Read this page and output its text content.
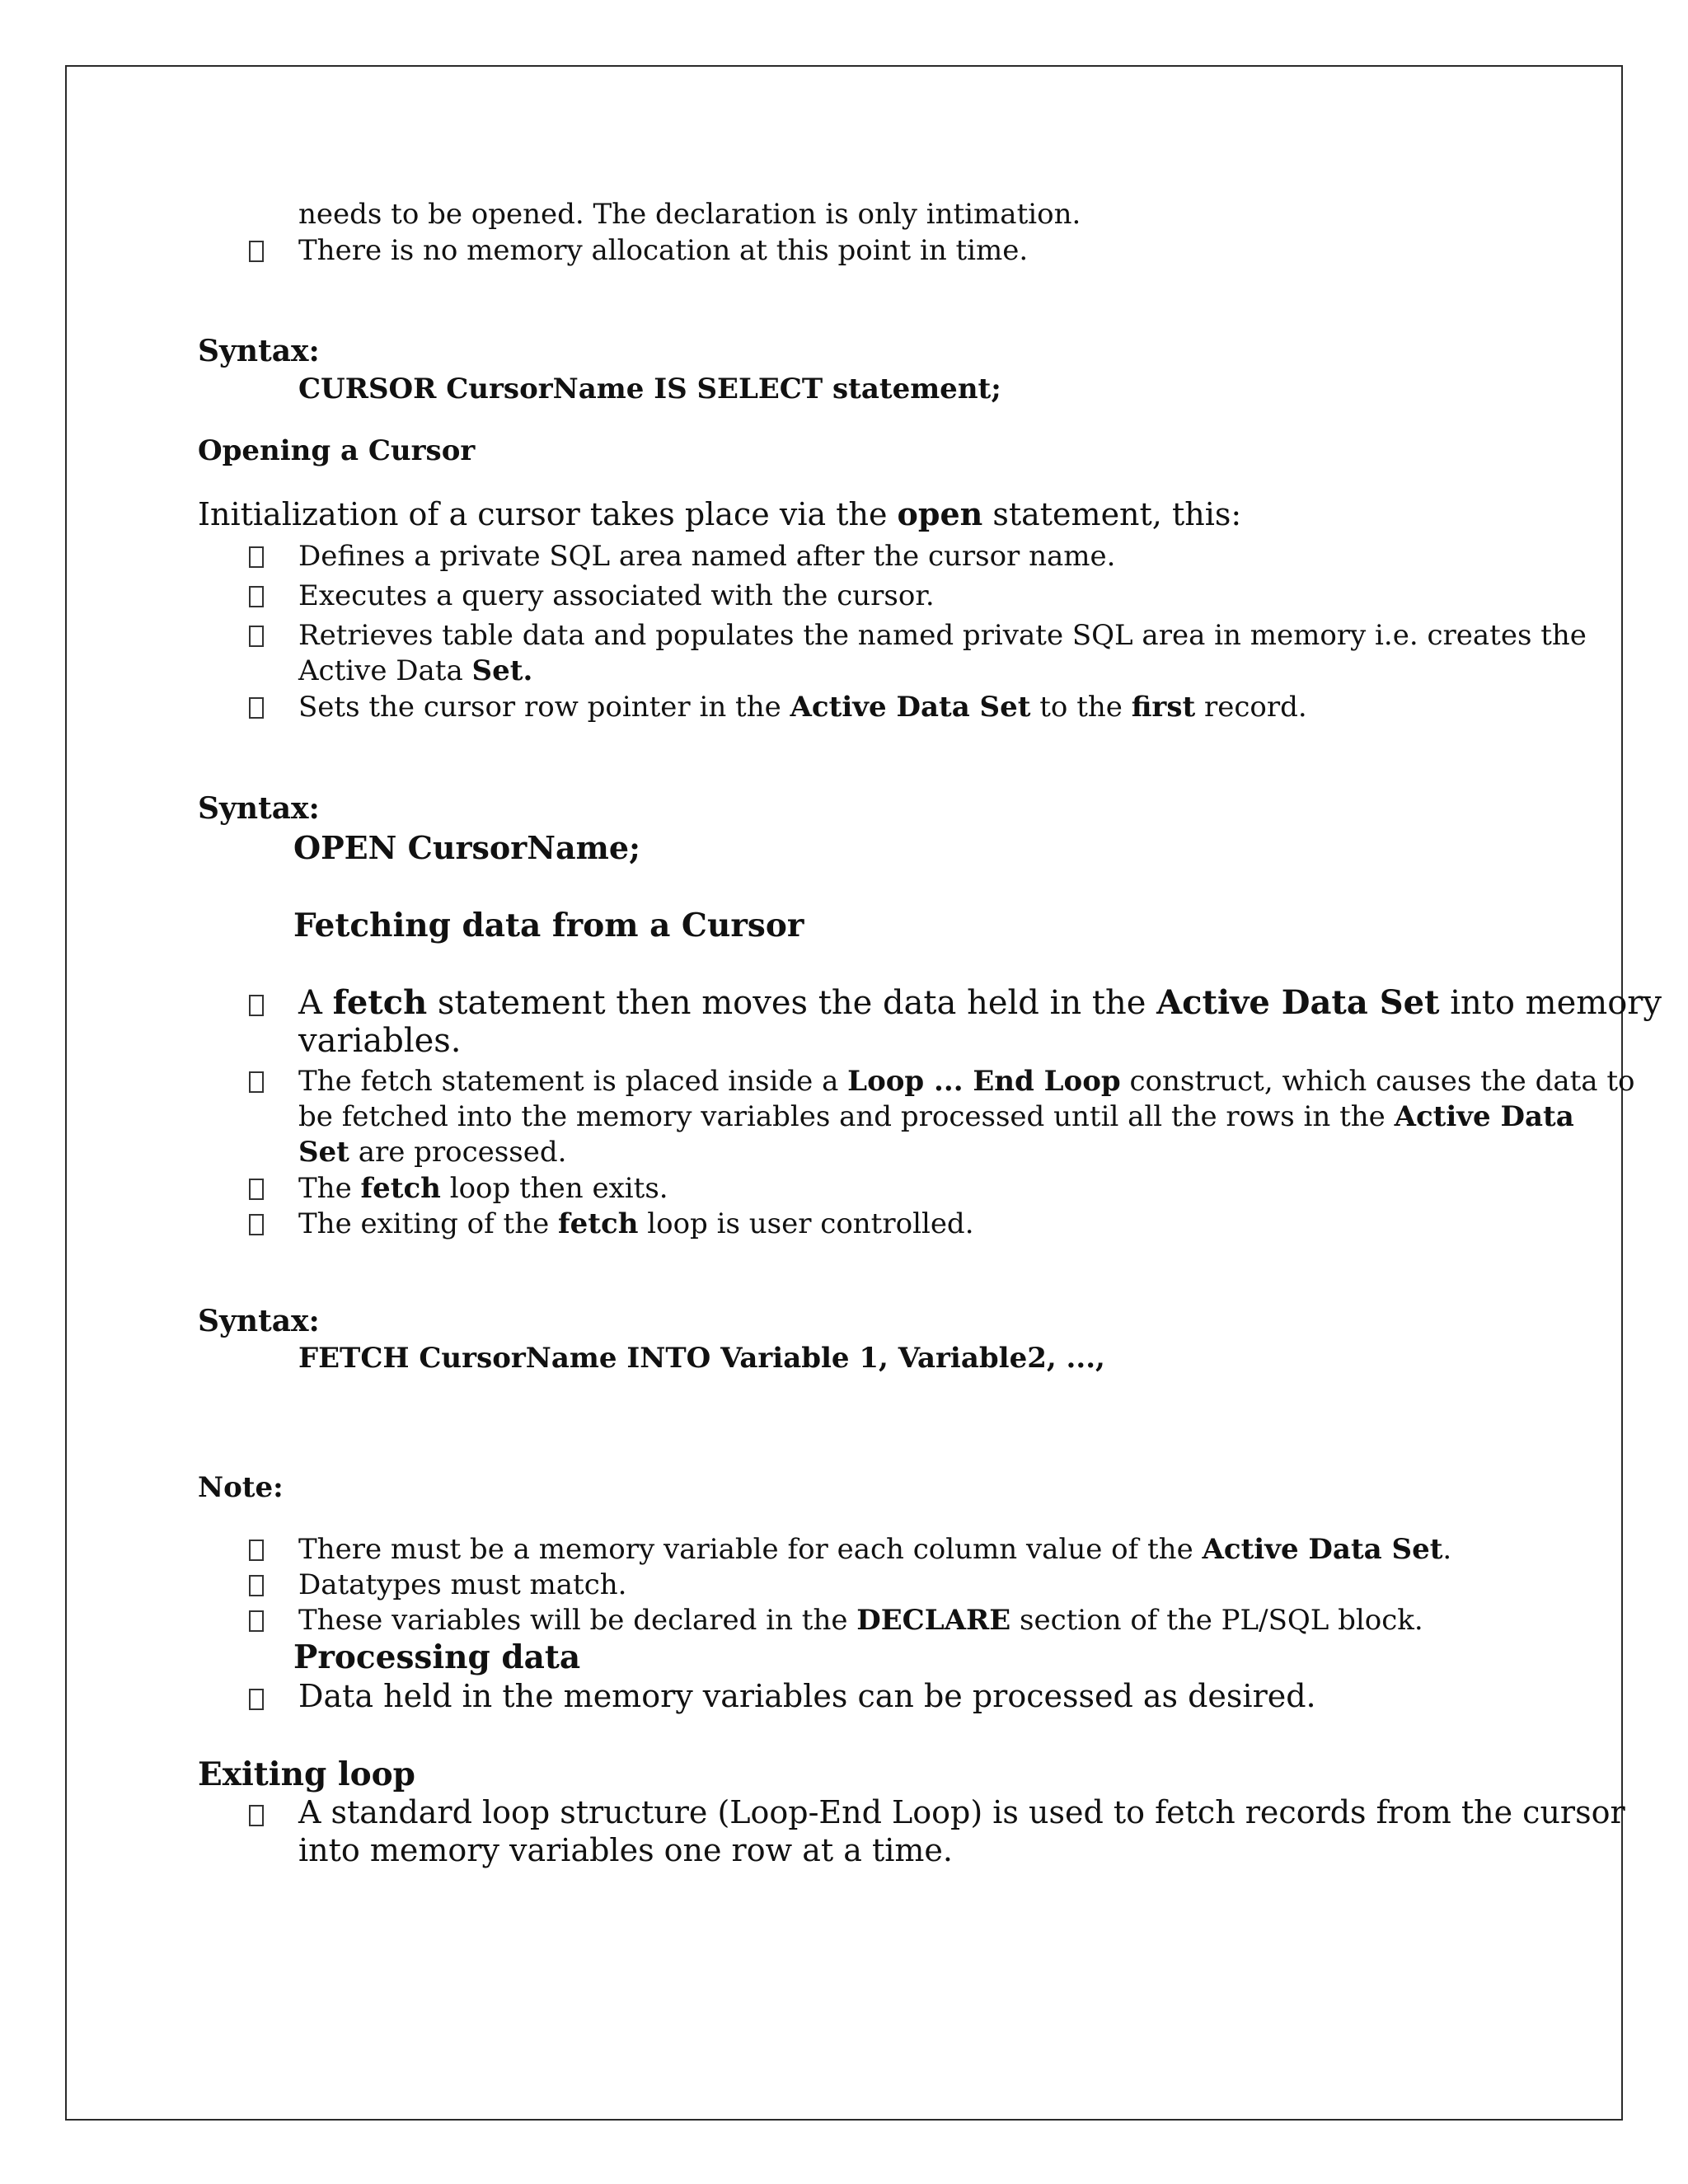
needs to be opened. The declaration is only intimation.
There is no memory allocation at this point in time.
Syntax:
CURSOR CursorName IS SELECT statement;
Opening a Cursor
Initialization of a cursor takes place via the open statement, this:
Defines a private SQL area named after the cursor name.
Executes a query associated with the cursor.
Retrieves table data and populates the named private SQL area in memory i.e. creates the
Active Data Set.
Sets the cursor row pointer in the Active Data Set to the first record.
Syntax:
OPEN CursorName;
Fetching data from a Cursor
A fetch statement then moves the data held in the Active Data Set into memory
variables.
The fetch statement is placed inside a Loop ... End Loop construct, which causes the data to
be fetched into the memory variables and processed until all the rows in the Active Data
Set are processed.
The fetch loop then exits.
The exiting of the fetch loop is user controlled.
Syntax:
FETCH CursorName INTO Variable 1, Variable2, ...,
Note:
There must be a memory variable for each column value of the Active Data Set.
Datatypes must match.
These variables will be declared in the DECLARE section of the PL/SQL block.
Processing data
Data held in the memory variables can be processed as desired.
Exiting loop
A standard loop structure (Loop-End Loop) is used to fetch records from the cursor
into memory variables one row at a time.
